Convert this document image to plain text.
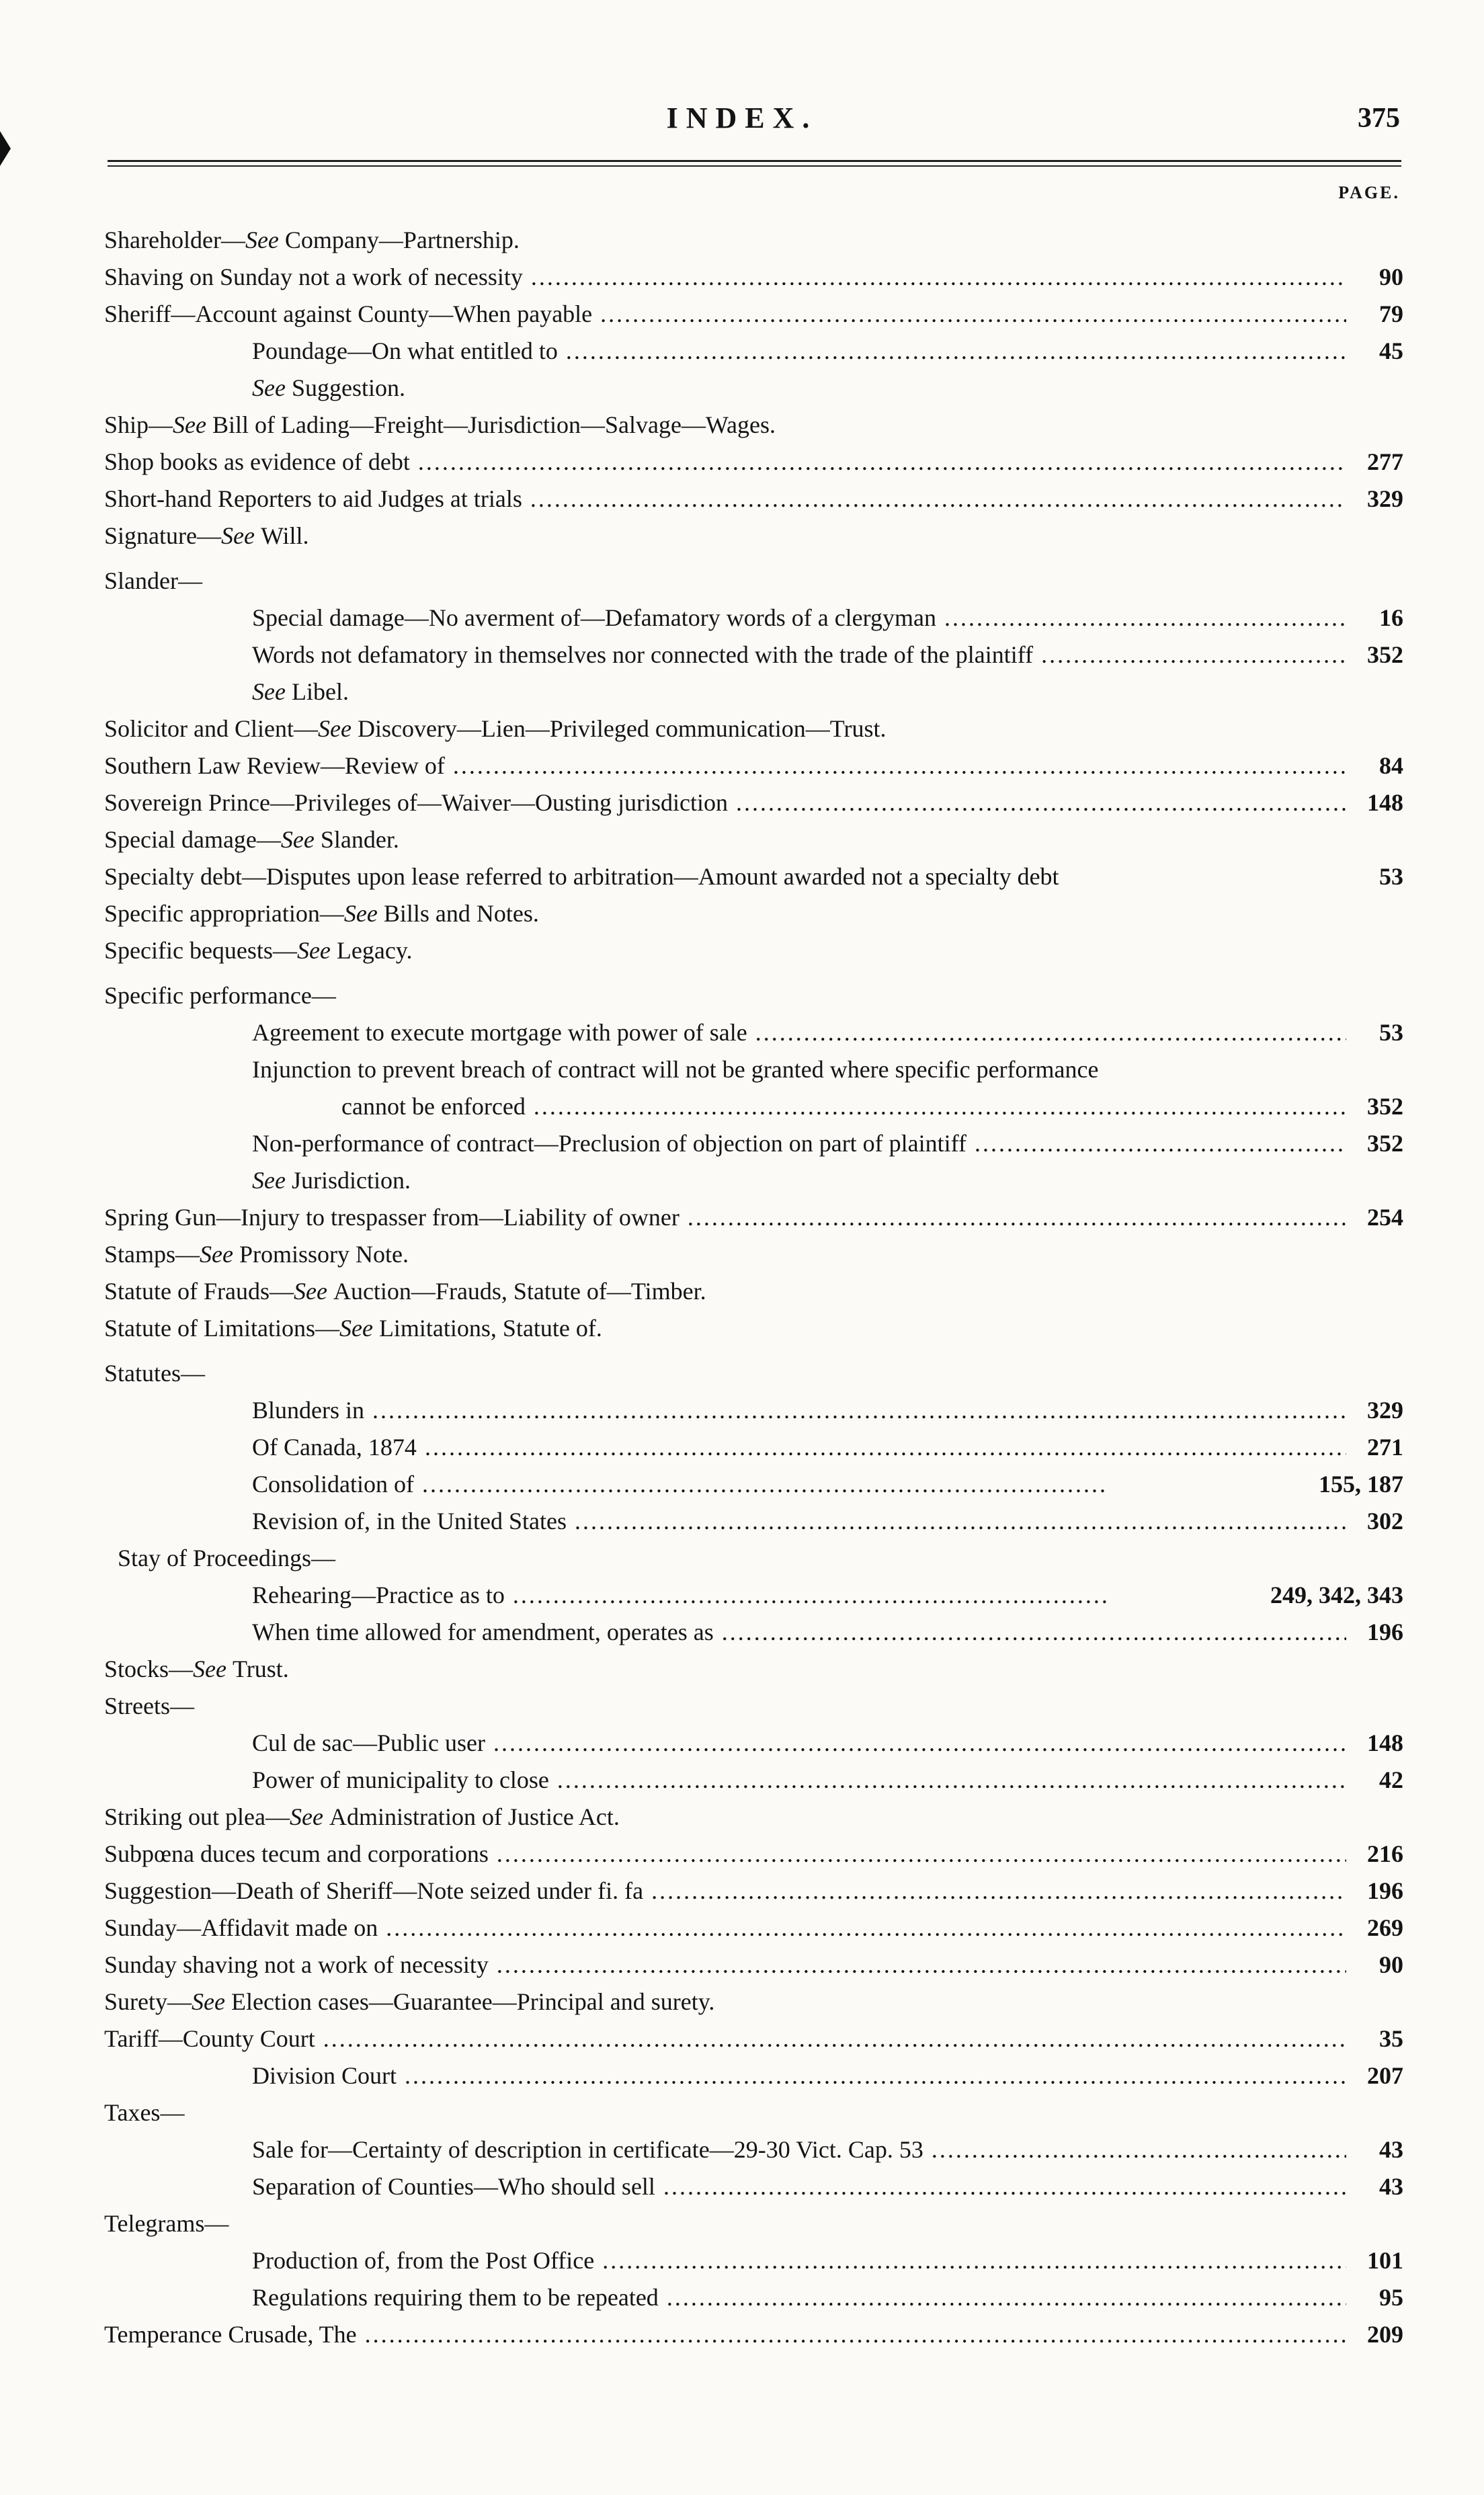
INDEX.	375
PAGE.
Shareholder—See Company—Partnership.
Shaving on Sunday not a work of necessity .....	90
Sheriff—Account against County—When payable .....	79
Poundage—On what entitled to .....	45
See Suggestion.
Ship—See Bill of Lading—Freight—Jurisdiction—Salvage—Wages.
Shop books as evidence of debt .....	277
Short-hand Reporters to aid Judges at trials .....	329
Signature—See Will.
Slander—
Special damage—No averment of—Defamatory words of a clergyman .....	16
Words not defamatory in themselves nor connected with the trade of the plaintiff .....	352
See Libel.
Solicitor and Client—See Discovery—Lien—Privileged communication—Trust.
Southern Law Review—Review of .....	84
Sovereign Prince—Privileges of—Waiver—Ousting jurisdiction .....	148
Special damage—See Slander.
Specialty debt—Disputes upon lease referred to arbitration—Amount awarded not a specialty debt	53
Specific appropriation—See Bills and Notes.
Specific bequests—See Legacy.
Specific performance—
Agreement to execute mortgage with power of sale .....	53
Injunction to prevent breach of contract will not be granted where specific performance
cannot be enforced .....	352
Non-performance of contract—Preclusion of objection on part of plaintiff .....	352
See Jurisdiction.
Spring Gun—Injury to trespasser from—Liability of owner .....	254
Stamps—See Promissory Note.
Statute of Frauds—See Auction—Frauds, Statute of—Timber.
Statute of Limitations—See Limitations, Statute of.
Statutes—
Blunders in .....	329
Of Canada, 1874 .....	271
Consolidation of .....	155, 187
Revision of, in the United States .....	302
Stay of Proceedings—
Rehearing—Practice as to .....	249, 342, 343
When time allowed for amendment, operates as .....	196
Stocks—See Trust.
Streets—
Cul de sac—Public user .....	148
Power of municipality to close .....	42
Striking out plea—See Administration of Justice Act.
Subpœna duces tecum and corporations .....	216
Suggestion—Death of Sheriff—Note seized under fi. fa .....	196
Sunday—Affidavit made on .....	269
Sunday shaving not a work of necessity .....	90
Surety—See Election cases—Guarantee—Principal and surety.
Tariff—County Court .....	35
Division Court .....	207
Taxes—
Sale for—Certainty of description in certificate—29-30 Vict. Cap. 53 .....	43
Separation of Counties—Who should sell .....	43
Telegrams—
Production of, from the Post Office .....	101
Regulations requiring them to be repeated .....	95
Temperance Crusade, The .....	209
